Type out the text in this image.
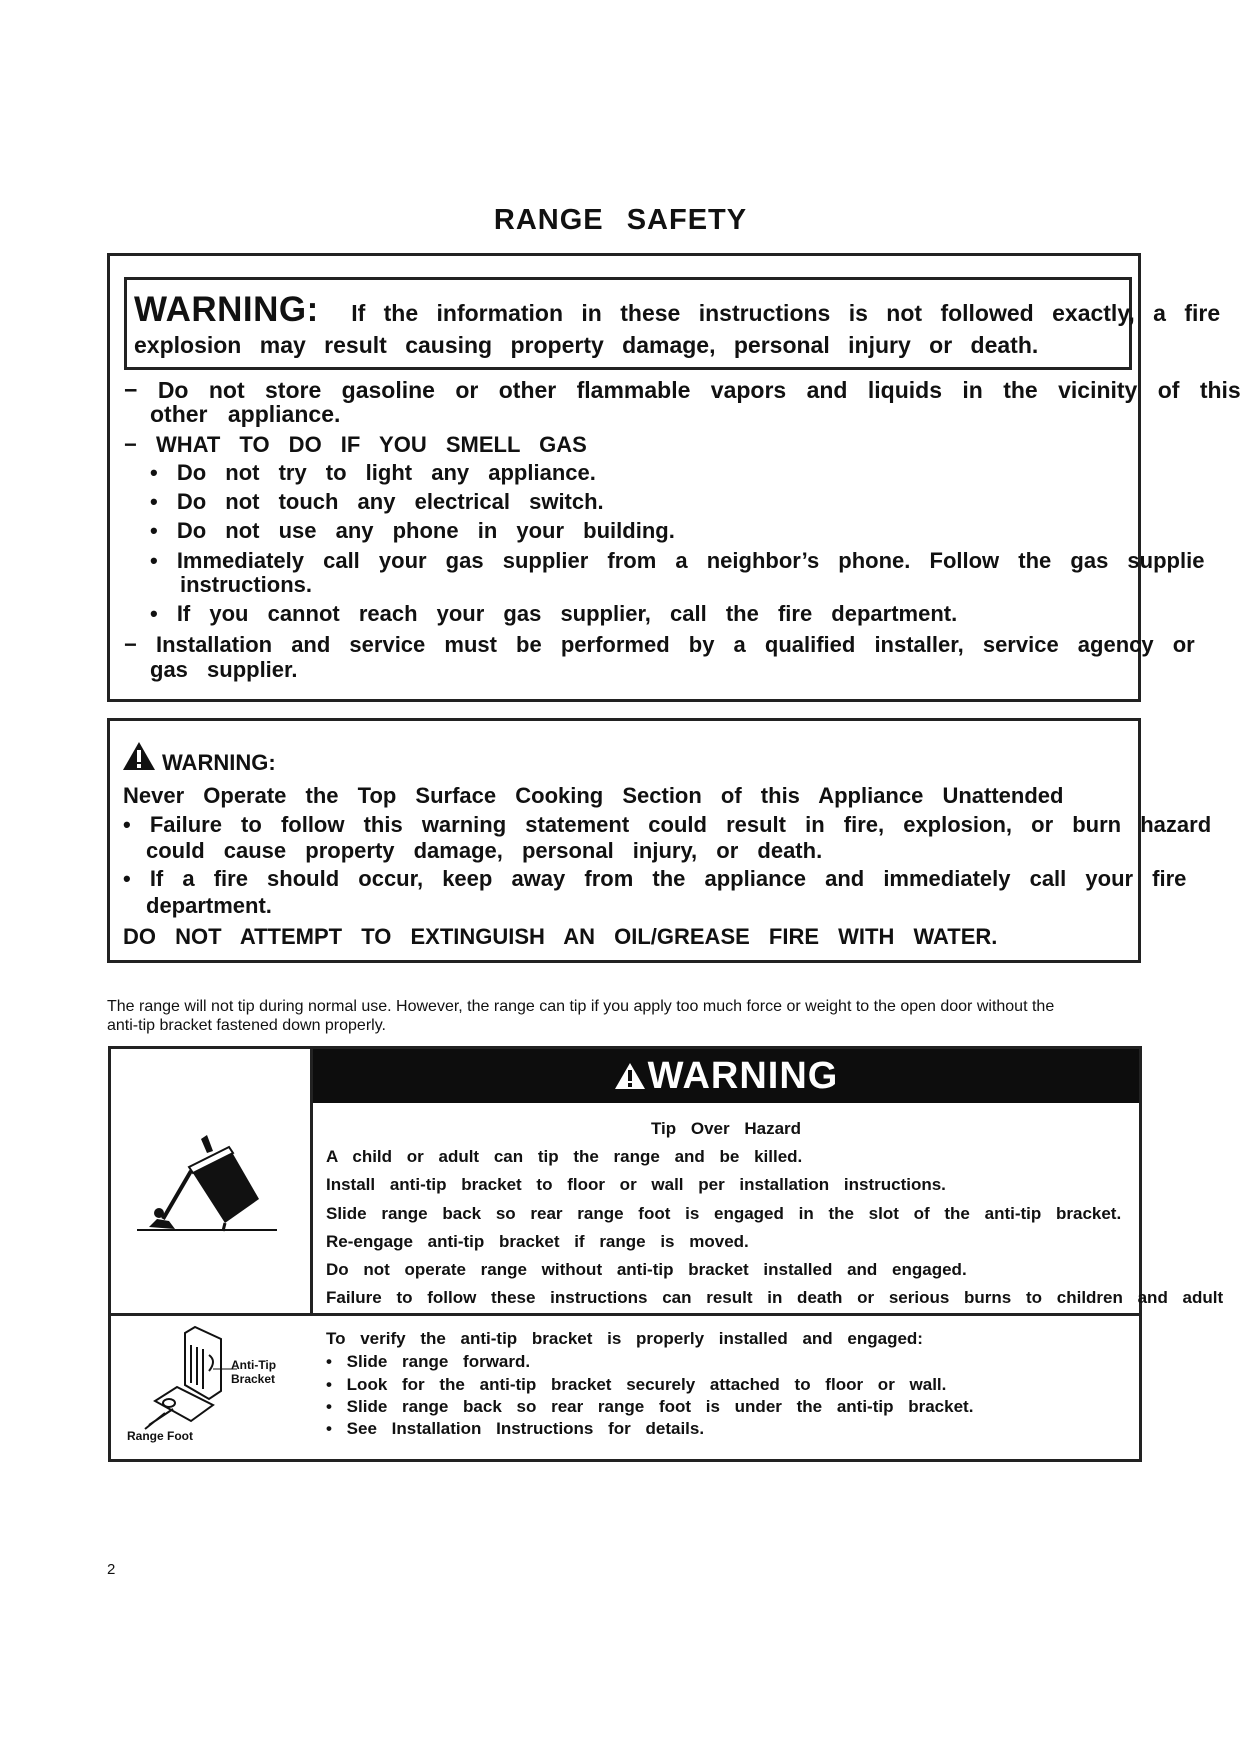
RANGE SAFETY
WARNING: If the information in these instructions is not followed exactly, a fire
explosion may result causing property damage, personal injury or death.
− Do not store gasoline or other flammable vapors and liquids in the vicinity of this
other appliance.
− WHAT TO DO IF YOU SMELL GAS
• Do not try to light any appliance.
• Do not touch any electrical switch.
• Do not use any phone in your building.
• Immediately call your gas supplier from a neighbor’s phone. Follow the gas supplie
instructions.
• If you cannot reach your gas supplier, call the fire department.
− Installation and service must be performed by a qualified installer, service agency or
gas supplier.
WARNING:
Never Operate the Top Surface Cooking Section of this Appliance Unattended
• Failure to follow this warning statement could result in fire, explosion, or burn hazard
could cause property damage, personal injury, or death.
• If a fire should occur, keep away from the appliance and immediately call your fire
department.
DO NOT ATTEMPT TO EXTINGUISH AN OIL/GREASE FIRE WITH WATER.
The range will not tip during normal use. However, the range can tip if you apply too much force or weight to the open door without the
anti-tip bracket fastened down properly.
WARNING
Tip Over Hazard
A child or adult can tip the range and be killed.
Install anti-tip bracket to floor or wall per installation instructions.
Slide range back so rear range foot is engaged in the slot of the anti-tip bracket.
Re-engage anti-tip bracket if range is moved.
Do not operate range without anti-tip bracket installed and engaged.
Failure to follow these instructions can result in death or serious burns to children and adult
Anti-Tip
Bracket
Range Foot
To verify the anti-tip bracket is properly installed and engaged:
• Slide range forward.
• Look for the anti-tip bracket securely attached to floor or wall.
• Slide range back so rear range foot is under the anti-tip bracket.
• See Installation Instructions for details.
2
